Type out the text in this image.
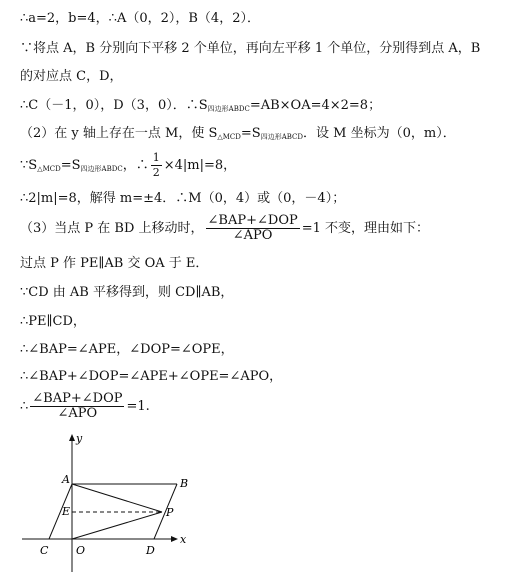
∴a=2，b=4，∴A（0，2），B（4，2）．
∵将点 A，B 分别向下平移 2 个单位，再向左平移 1 个单位，分别得到点 A，B
的对应点 C，D，
∴C（－1，0），D（3，0）．$\therefore S_{四边形ABDC}=AB\times OA=4\times 2=8$；
（2）在 y 轴上存在一点 M，使 $S_{\triangle MCD}=S_{四边形ABCD}$．设 M 坐标为（0，m）．
$\because S_{\triangle MCD}=S_{四边形ABDC}$，∴ $\frac{1}{2} \times 4|m|=8$，
∴2|m|=8，解得 m=±4．∴M（0，4）或（0，－4）；
（3）当点 P 在 BD 上移动时， $\frac{\text{∠BAP+∠DOP}}{\text{∠APO}} =1$ 不变，理由如下：
过点 P 作 PE∥AB 交 OA 于 E．
∵CD 由 AB 平移得到，则 CD∥AB，
∴PE∥CD，
∴∠BAP=∠APE，∠DOP=∠OPE，
∴∠BAP+∠DOP=∠APE+∠OPE=∠APO，
∴ $\frac{\text{∠BAP+∠DOP}}{\text{∠APO}} =1$.
y
x
A	B
E	P
C	O	D
